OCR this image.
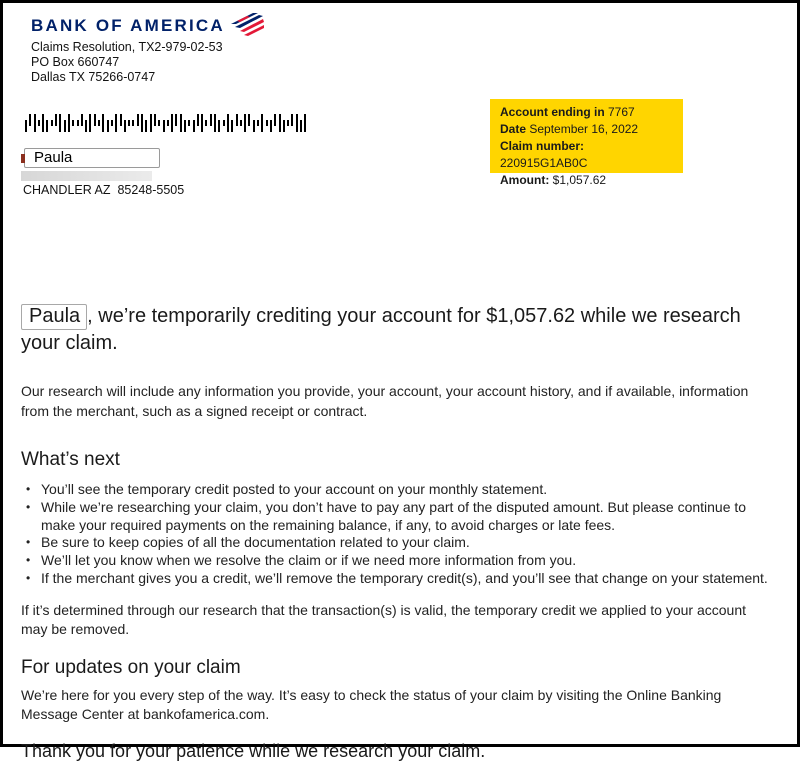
BANK OF AMERICA
Claims Resolution, TX2-979-02-53
PO Box 660747
Dallas TX 75266-0747
Paula
CHANDLER AZ  85248-5505
Account ending in 7767
Date September 16, 2022
Claim number: 220915G1AB0C
Amount: $1,057.62

Paula , we’re temporarily crediting your account for $1,057.62 while we research your claim.

Our research will include any information you provide, your account, your account history, and if available, information from the merchant, such as a signed receipt or contract.

What’s next
• You’ll see the temporary credit posted to your account on your monthly statement.
• While we’re researching your claim, you don’t have to pay any part of the disputed amount. But please continue to make your required payments on the remaining balance, if any, to avoid charges or late fees.
• Be sure to keep copies of all the documentation related to your claim.
• We’ll let you know when we resolve the claim or if we need more information from you.
• If the merchant gives you a credit, we’ll remove the temporary credit(s), and you’ll see that change on your statement.

If it’s determined through our research that the transaction(s) is valid, the temporary credit we applied to your account may be removed.

For updates on your claim

We’re here for you every step of the way. It’s easy to check the status of your claim by visiting the Online Banking Message Center at bankofamerica.com.

Thank you for your patience while we research your claim.
